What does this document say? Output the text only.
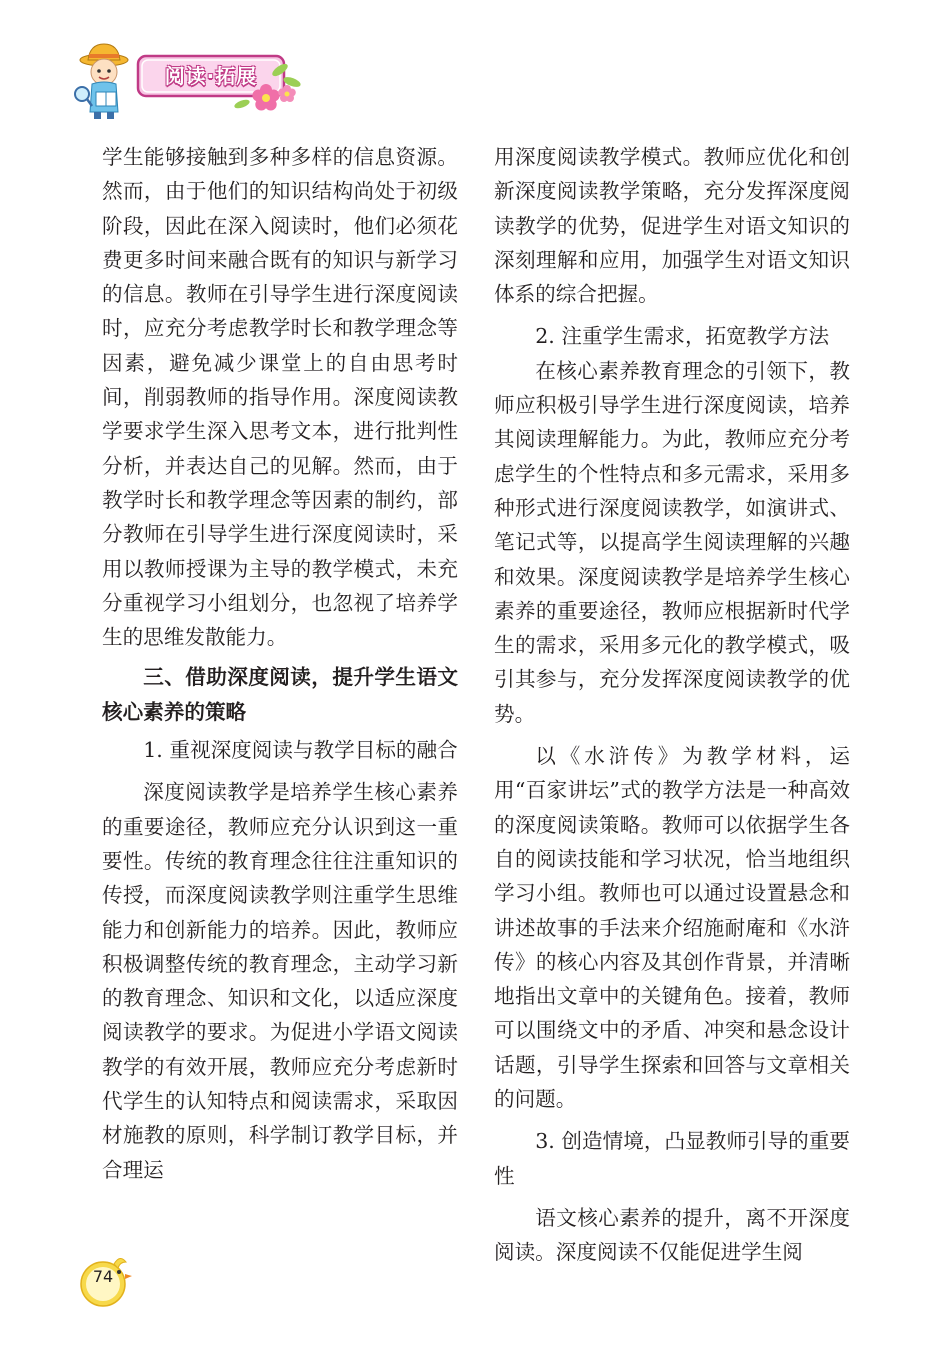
阅读·拓展

学生能够接触到多种多样的信息资源。然而，由于他们的知识结构尚处于初级阶段，因此在深入阅读时，他们必须花费更多时间来融合既有的知识与新学习的信息。教师在引导学生进行深度阅读时，应充分考虑教学时长和教学理念等因素，避免减少课堂上的自由思考时间，削弱教师的指导作用。深度阅读教学要求学生深入思考文本，进行批判性分析，并表达自己的见解。然而，由于教学时长和教学理念等因素的制约，部分教师在引导学生进行深度阅读时，采用以教师授课为主导的教学模式，未充分重视学习小组划分，也忽视了培养学生的思维发散能力。

三、借助深度阅读，提升学生语文核心素养的策略

1. 重视深度阅读与教学目标的融合

深度阅读教学是培养学生核心素养的重要途径，教师应充分认识到这一重要性。传统的教育理念往往注重知识的传授，而深度阅读教学则注重学生思维能力和创新能力的培养。因此，教师应积极调整传统的教育理念，主动学习新的教育理念、知识和文化，以适应深度阅读教学的要求。为促进小学语文阅读教学的有效开展，教师应充分考虑新时代学生的认知特点和阅读需求，采取因材施教的原则，科学制订教学目标，并合理运

用深度阅读教学模式。教师应优化和创新深度阅读教学策略，充分发挥深度阅读教学的优势，促进学生对语文知识的深刻理解和应用，加强学生对语文知识体系的综合把握。

2. 注重学生需求，拓宽教学方法

在核心素养教育理念的引领下，教师应积极引导学生进行深度阅读，培养其阅读理解能力。为此，教师应充分考虑学生的个性特点和多元需求，采用多种形式进行深度阅读教学，如演讲式、笔记式等，以提高学生阅读理解的兴趣和效果。深度阅读教学是培养学生核心素养的重要途径，教师应根据新时代学生的需求，采用多元化的教学模式，吸引其参与，充分发挥深度阅读教学的优势。

以《水浒传》为教学材料，运用“百家讲坛”式的教学方法是一种高效的深度阅读策略。教师可以依据学生各自的阅读技能和学习状况，恰当地组织学习小组。教师也可以通过设置悬念和讲述故事的手法来介绍施耐庵和《水浒传》的核心内容及其创作背景，并清晰地指出文章中的关键角色。接着，教师可以围绕文中的矛盾、冲突和悬念设计话题，引导学生探索和回答与文章相关的问题。

3. 创造情境，凸显教师引导的重要性

语文核心素养的提升，离不开深度阅读。深度阅读不仅能促进学生阅

74
